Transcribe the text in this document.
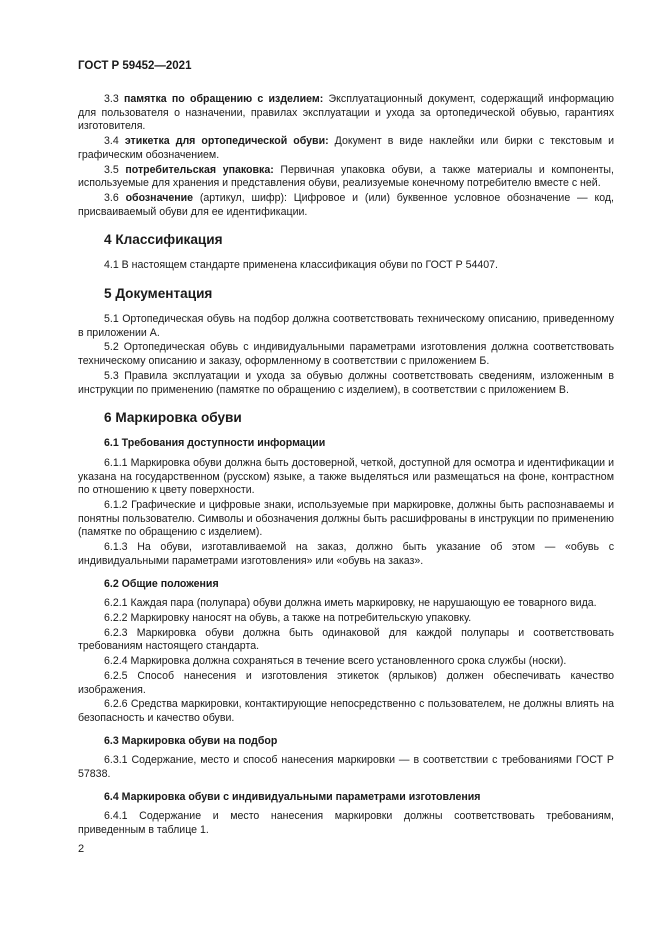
ГОСТ Р 59452—2021

3.3 памятка по обращению с изделием: Эксплуатационный документ, содержащий информацию для пользователя о назначении, правилах эксплуатации и ухода за ортопедической обувью, гарантиях изготовителя.

3.4 этикетка для ортопедической обуви: Документ в виде наклейки или бирки с текстовым и графическим обозначением.

3.5 потребительская упаковка: Первичная упаковка обуви, а также материалы и компоненты, используемые для хранения и представления обуви, реализуемые конечному потребителю вместе с ней.

3.6 обозначение (артикул, шифр): Цифровое и (или) буквенное условное обозначение — код, присваиваемый обуви для ее идентификации.

4 Классификация

4.1 В настоящем стандарте применена классификация обуви по ГОСТ Р 54407.

5 Документация

5.1 Ортопедическая обувь на подбор должна соответствовать техническому описанию, приведенному в приложении А.

5.2 Ортопедическая обувь с индивидуальными параметрами изготовления должна соответствовать техническому описанию и заказу, оформленному в соответствии с приложением Б.

5.3 Правила эксплуатации и ухода за обувью должны соответствовать сведениям, изложенным в инструкции по применению (памятке по обращению с изделием), в соответствии с приложением В.

6 Маркировка обуви
6.1 Требования доступности информации

6.1.1 Маркировка обуви должна быть достоверной, четкой, доступной для осмотра и идентификации и указана на государственном (русском) языке, а также выделяться или размещаться на фоне, контрастном по отношению к цвету поверхности.

6.1.2 Графические и цифровые знаки, используемые при маркировке, должны быть распознаваемы и понятны пользователю. Символы и обозначения должны быть расшифрованы в инструкции по применению (памятке по обращению с изделием).

6.1.3 На обуви, изготавливаемой на заказ, должно быть указание об этом — «обувь с индивидуальными параметрами изготовления» или «обувь на заказ».

6.2 Общие положения

6.2.1 Каждая пара (полупара) обуви должна иметь маркировку, не нарушающую ее товарного вида.

6.2.2 Маркировку наносят на обувь, а также на потребительскую упаковку.

6.2.3 Маркировка обуви должна быть одинаковой для каждой полупары и соответствовать требованиям настоящего стандарта.

6.2.4 Маркировка должна сохраняться в течение всего установленного срока службы (носки).

6.2.5 Способ нанесения и изготовления этикеток (ярлыков) должен обеспечивать качество изображения.

6.2.6 Средства маркировки, контактирующие непосредственно с пользователем, не должны влиять на безопасность и качество обуви.

6.3 Маркировка обуви на подбор

6.3.1 Содержание, место и способ нанесения маркировки — в соответствии с требованиями ГОСТ Р 57838.

6.4 Маркировка обуви с индивидуальными параметрами изготовления

6.4.1 Содержание и место нанесения маркировки должны соответствовать требованиям, приведенным в таблице 1.

2
